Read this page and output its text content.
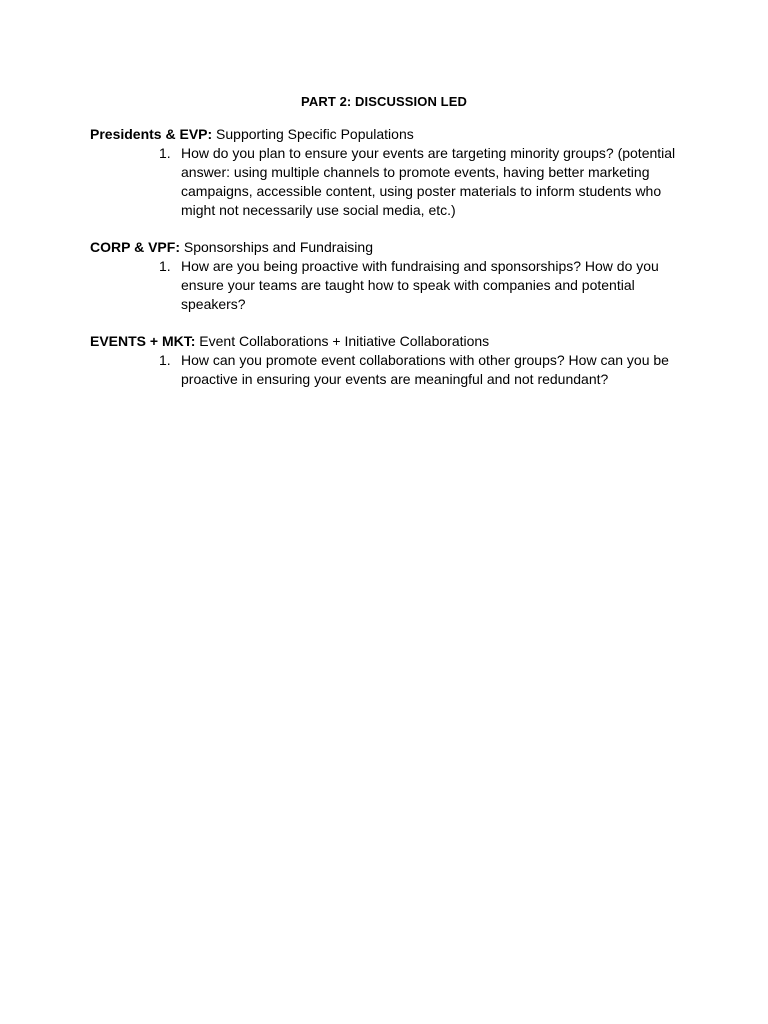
PART 2: DISCUSSION LED

Presidents & EVP: Supporting Specific Populations

1. How do you plan to ensure your events are targeting minority groups? (potential
answer: using multiple channels to promote events, having better marketing
campaigns, accessible content, using poster materials to inform students who
might not necessarily use social media, etc.)

CORP & VPF: Sponsorships and Fundraising

1. How are you being proactive with fundraising and sponsorships? How do you
ensure your teams are taught how to speak with companies and potential
speakers?

EVENTS + MKT: Event Collaborations + Initiative Collaborations

1. How can you promote event collaborations with other groups? How can you be
proactive in ensuring your events are meaningful and not redundant?
